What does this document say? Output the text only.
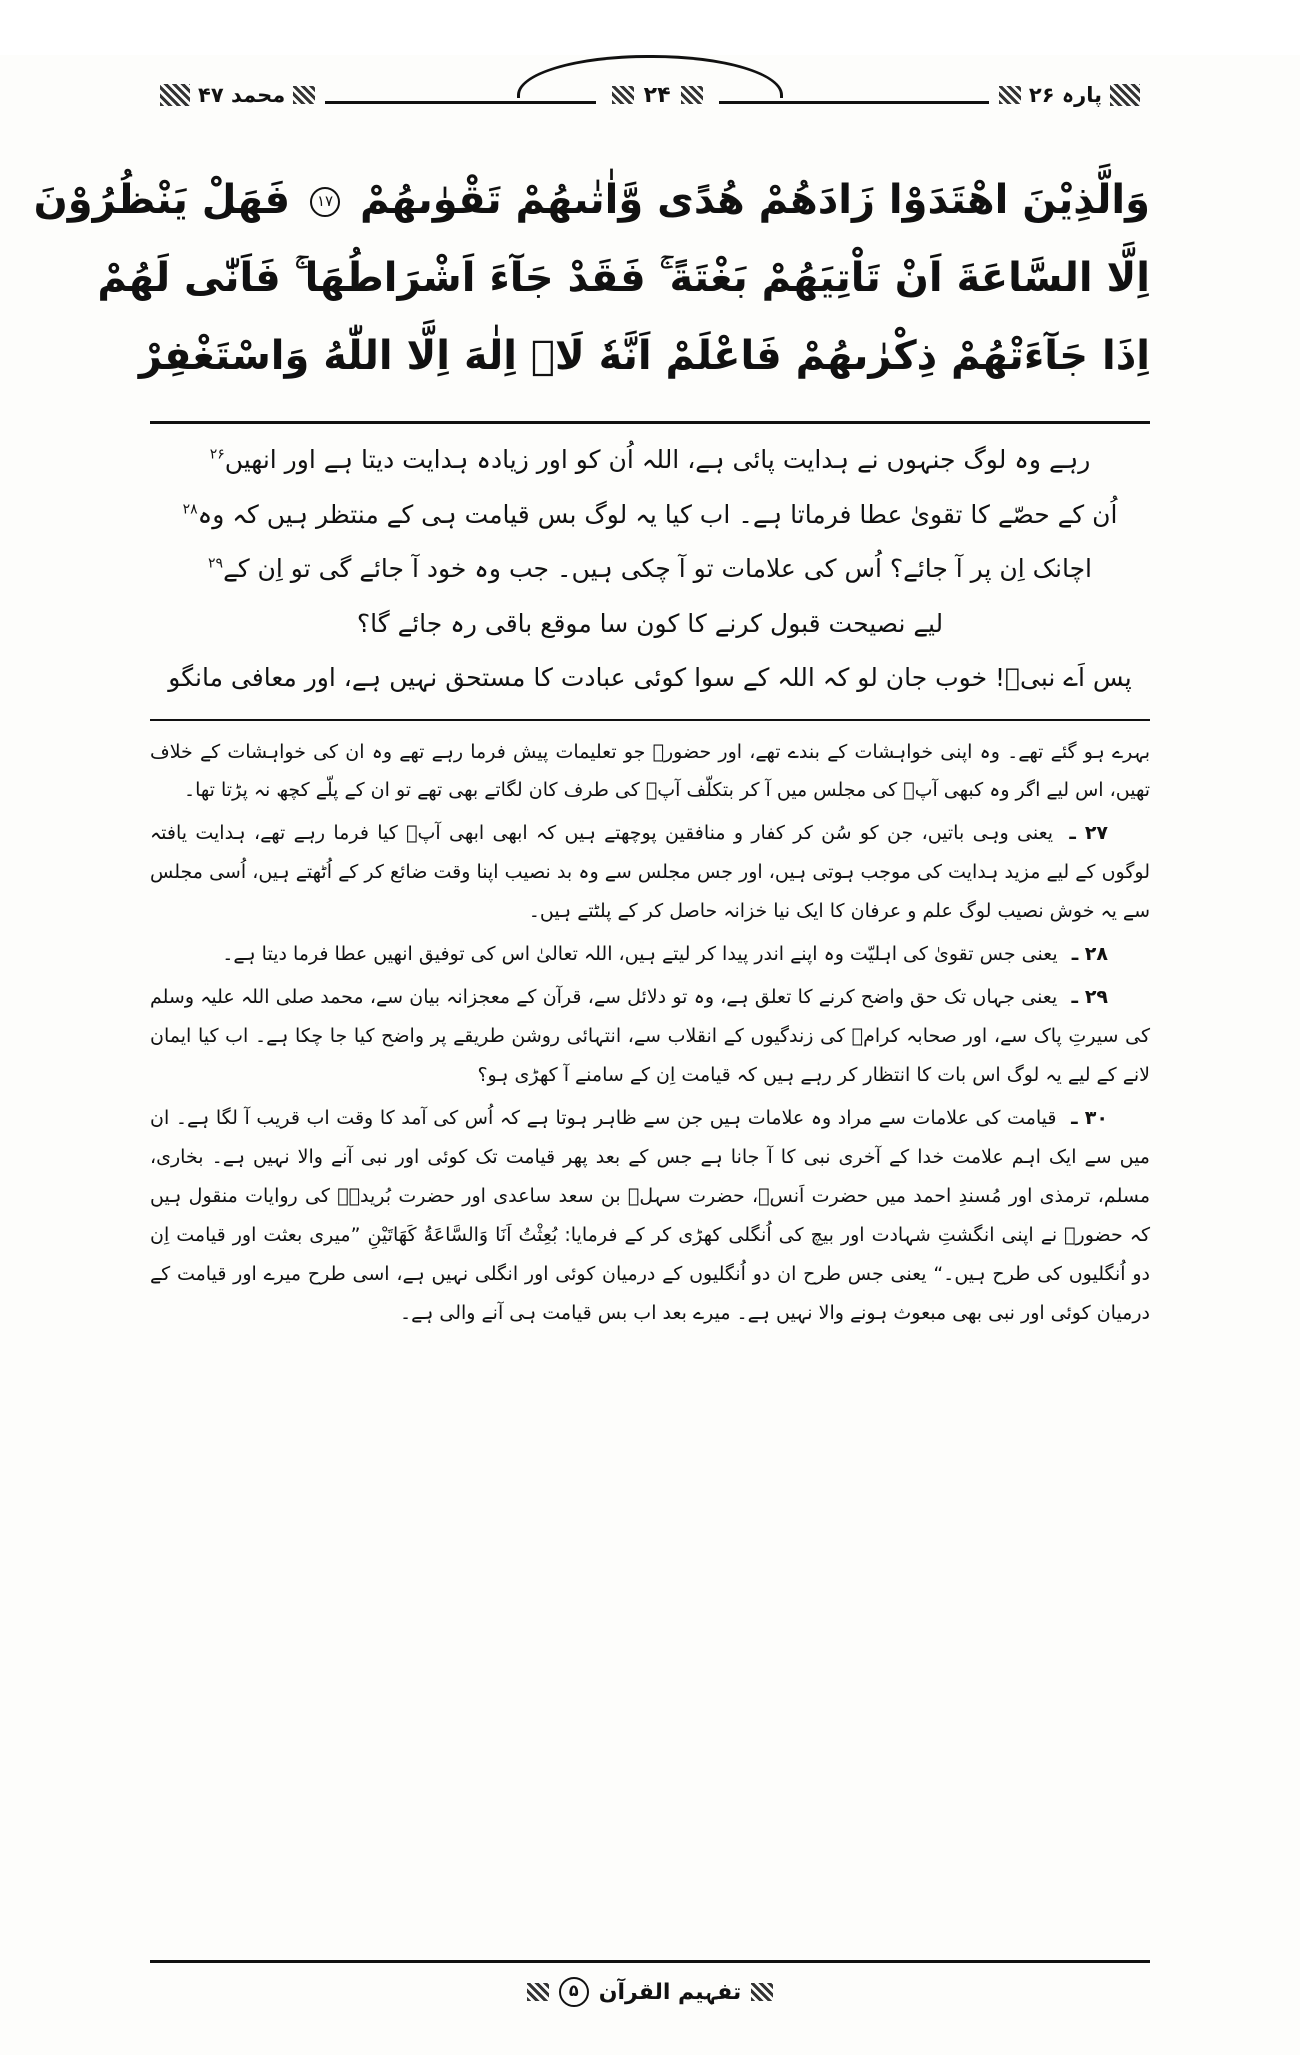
پارہ ۲۶
۲۴
محمد ۴۷
وَالَّذِیْنَ اهْتَدَوْا زَادَهُمْ هُدًى وَّاٰتٰىهُمْ تَقْوٰىهُمْ ۱۷ فَهَلْ یَنْظُرُوْنَ
اِلَّا السَّاعَةَ اَنْ تَاْتِیَهُمْ بَغْتَةً ۚ فَقَدْ جَآءَ اَشْرَاطُهَا ۚ فَاَنّٰى لَهُمْ
اِذَا جَآءَتْهُمْ ذِكْرٰىهُمْ فَاعْلَمْ اَنَّهٗ لَاۤ اِلٰهَ اِلَّا اللّٰهُ وَاسْتَغْفِرْ

رہے وہ لوگ جنہوں نے ہدایت پائی ہے، اللہ اُن کو اور زیادہ ہدایت دیتا ہے اور انھیں$^{۲۶}$

اُن کے حصّے کا تقویٰ عطا فرماتا ہے۔ اب کیا یہ لوگ بس قیامت ہی کے منتظر ہیں کہ وہ$^{۲۸}$

اچانک اِن پر آ جائے؟ اُس کی علامات تو آ چکی ہیں۔ جب وہ خود آ جائے گی تو اِن کے$^{۲۹}$

لیے نصیحت قبول کرنے کا کون سا موقع باقی رہ جائے گا؟

پس اَے نبیؐ! خوب جان لو کہ اللہ کے سوا کوئی عبادت کا مستحق نہیں ہے، اور معافی مانگو

بہرے ہو گئے تھے۔ وہ اپنی خواہشات کے بندے تھے، اور حضورؐ جو تعلیمات پیش فرما رہے تھے وہ ان کی خواہشات کے خلاف تھیں، اس لیے اگر وہ کبھی آپؐ کی مجلس میں آ کر بتکلّف آپؐ کی طرف کان لگاتے بھی تھے تو ان کے پلّے کچھ نہ پڑتا تھا۔

۲۷ ـ یعنی وہی باتیں، جن کو سُن کر کفار و منافقین پوچھتے ہیں کہ ابھی ابھی آپؐ کیا فرما رہے تھے، ہدایت یافتہ لوگوں کے لیے مزید ہدایت کی موجب ہوتی ہیں، اور جس مجلس سے وہ بد نصیب اپنا وقت ضائع کر کے اُٹھتے ہیں، اُسی مجلس سے یہ خوش نصیب لوگ علم و عرفان کا ایک نیا خزانہ حاصل کر کے پلٹتے ہیں۔

۲۸ ـ یعنی جس تقویٰ کی اہلیّت وہ اپنے اندر پیدا کر لیتے ہیں، اللہ تعالیٰ اس کی توفیق انھیں عطا فرما دیتا ہے۔

۲۹ ـ یعنی جہاں تک حق واضح کرنے کا تعلق ہے، وہ تو دلائل سے، قرآن کے معجزانہ بیان سے، محمد صلی اللہ علیہ وسلم کی سیرتِ پاک سے، اور صحابہ کرامؓ کی زندگیوں کے انقلاب سے، انتہائی روشن طریقے پر واضح کیا جا چکا ہے۔ اب کیا ایمان لانے کے لیے یہ لوگ اس بات کا انتظار کر رہے ہیں کہ قیامت اِن کے سامنے آ کھڑی ہو؟

۳۰ ـ قیامت کی علامات سے مراد وہ علامات ہیں جن سے ظاہر ہوتا ہے کہ اُس کی آمد کا وقت اب قریب آ لگا ہے۔ ان میں سے ایک اہم علامت خدا کے آخری نبی کا آ جانا ہے جس کے بعد پھر قیامت تک کوئی اور نبی آنے والا نہیں ہے۔ بخاری، مسلم، ترمذی اور مُسندِ احمد میں حضرت اَنسؓ، حضرت سہلؓ بن سعد ساعدی اور حضرت بُریدہؓ کی روایات منقول ہیں کہ حضورؐ نے اپنی انگشتِ شہادت اور بیچ کی اُنگلی کھڑی کر کے فرمایا: بُعِثْتُ اَنَا وَالسَّاعَةُ كَهَاتَیْنِ ”میری بعثت اور قیامت اِن دو اُنگلیوں کی طرح ہیں۔“ یعنی جس طرح ان دو اُنگلیوں کے درمیان کوئی اور انگلی نہیں ہے، اسی طرح میرے اور قیامت کے درمیان کوئی اور نبی بھی مبعوث ہونے والا نہیں ہے۔ میرے بعد اب بس قیامت ہی آنے والی ہے۔

تفہیم القرآن
۵
